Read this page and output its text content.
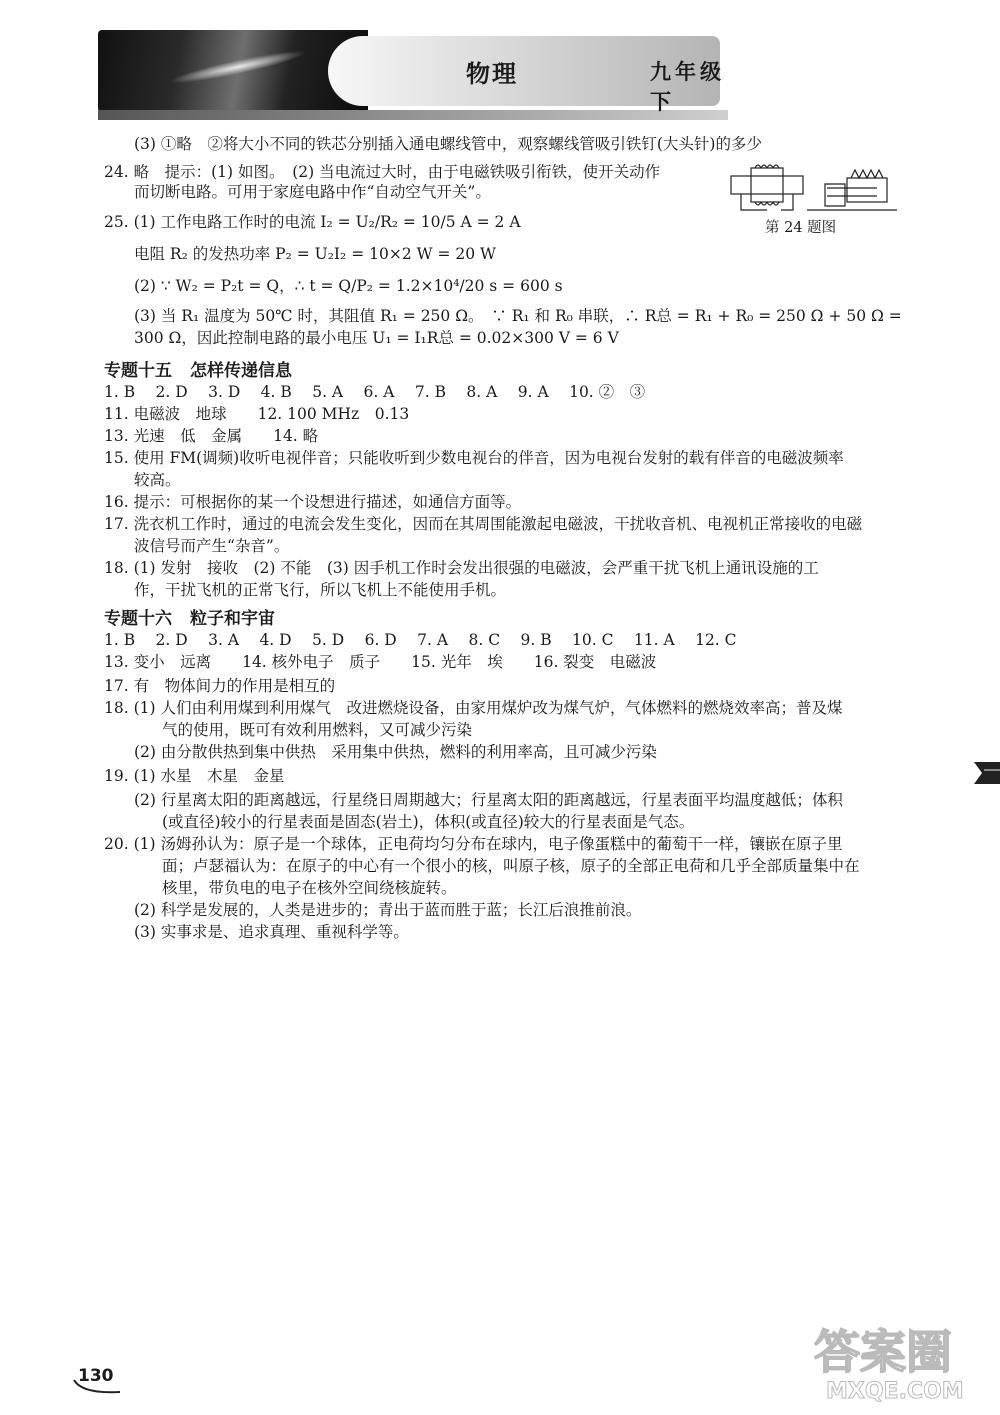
物理	九年级 下
(3) ①略　②将大小不同的铁芯分别插入通电螺线管中，观察螺线管吸引铁钉(大头针)的多少
24. 略　提示：(1) 如图。　(2) 当电流过大时，由于电磁铁吸引衔铁，使开关动作
而切断电路。可用于家庭电路中作“自动空气开关”。
25. (1) 工作电路工作时的电流 I₂ = U₂/R₂ = 10/5 A = 2 A
电阻 R₂ 的发热功率 P₂ = U₂I₂ = 10×2 W = 20 W
(2) ∵ W₂ = P₂t = Q，∴ t = Q/P₂ = 1.2×10⁴/20 s = 600 s
(3) 当 R₁ 温度为 50℃ 时，其阻值 R₁ = 250 Ω。　∵ R₁ 和 R₀ 串联，∴ R总 = R₁ + R₀ = 250 Ω + 50 Ω =
300 Ω，因此控制电路的最小电压 U₁ = I₁R总 = 0.02×300 V = 6 V
专题十五 怎样传递信息
1. B　 2. D　 3. D　 4. B　 5. A　 6. A　 7. B　 8. A　 9. A　 10. ②　③
11. 电磁波　地球　　12. 100 MHz　0.13
13. 光速　低　金属　　14. 略
15. 使用 FM(调频)收听电视伴音；只能收听到少数电视台的伴音，因为电视台发射的载有伴音的电磁波频率
较高。
16. 提示：可根据你的某一个设想进行描述，如通信方面等。
17. 洗衣机工作时，通过的电流会发生变化，因而在其周围能激起电磁波，干扰收音机、电视机正常接收的电磁
波信号而产生“杂音”。
18. (1) 发射　接收　(2) 不能　(3) 因手机工作时会发出很强的电磁波，会严重干扰飞机上通讯设施的工
作，干扰飞机的正常飞行，所以飞机上不能使用手机。
专题十六 粒子和宇宙
1. B　 2. D　 3. A　 4. D　 5. D　 6. D　 7. A　 8. C　 9. B　 10. C　 11. A　 12. C
13. 变小　远离　　14. 核外电子　质子　　15. 光年　埃　　16. 裂变　电磁波
17. 有　物体间力的作用是相互的
18. (1) 人们由利用煤到利用煤气　改进燃烧设备，由家用煤炉改为煤气炉，气体燃料的燃烧效率高；普及煤
气的使用，既可有效利用燃料，又可减少污染
(2) 由分散供热到集中供热　采用集中供热，燃料的利用率高，且可减少污染
19. (1) 水星　木星　金星
(2) 行星离太阳的距离越远，行星绕日周期越大；行星离太阳的距离越远，行星表面平均温度越低；体积
(或直径)较小的行星表面是固态(岩土)，体积(或直径)较大的行星表面是气态。
20. (1) 汤姆孙认为：原子是一个球体，正电荷均匀分布在球内，电子像蛋糕中的葡萄干一样，镶嵌在原子里
面；卢瑟福认为：在原子的中心有一个很小的核，叫原子核，原子的全部正电荷和几乎全部质量集中在
核里，带负电的电子在核外空间绕核旋转。
(2) 科学是发展的，人类是进步的；青出于蓝而胜于蓝；长江后浪推前浪。
(3) 实事求是、追求真理、重视科学等。
第 24 题图
130	答案圈
MXQE.COM
